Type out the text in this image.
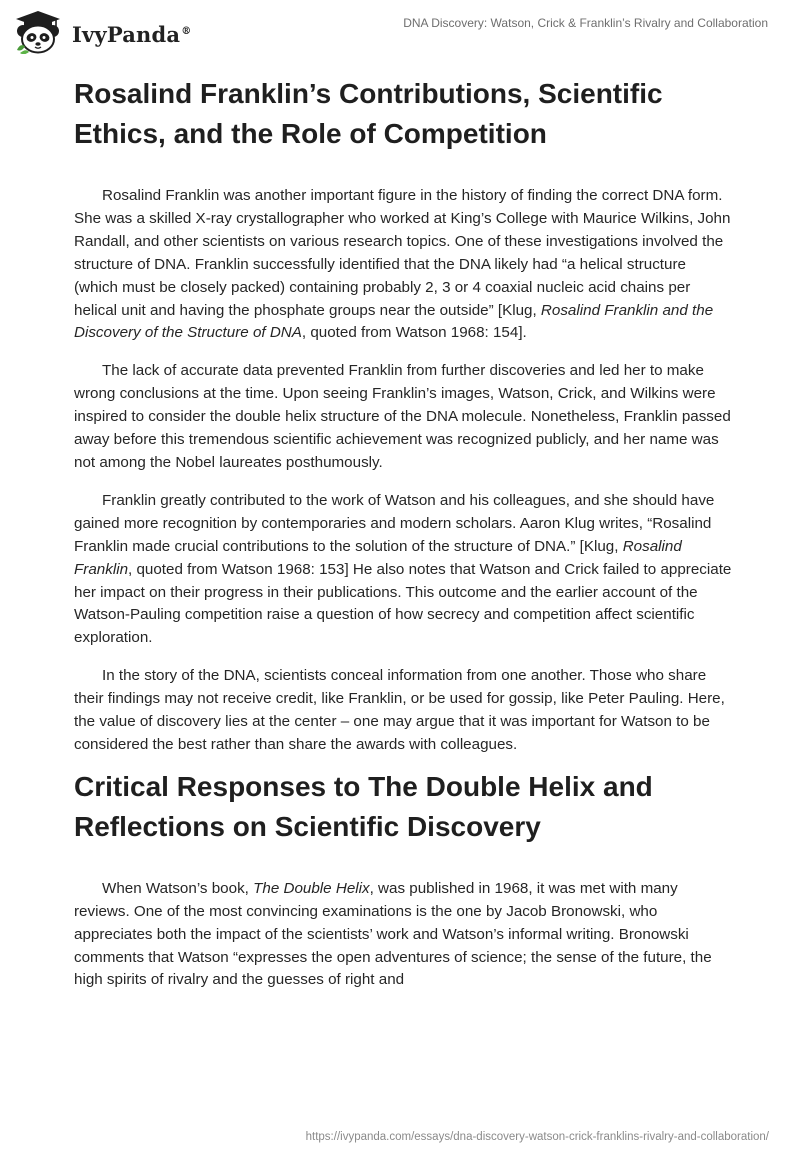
IvyPanda®
DNA Discovery: Watson, Crick & Franklin’s Rivalry and Collaboration
Rosalind Franklin’s Contributions, Scientific Ethics, and the Role of Competition

Rosalind Franklin was another important figure in the history of finding the correct DNA form. She was a skilled X-ray crystallographer who worked at King’s College with Maurice Wilkins, John Randall, and other scientists on various research topics. One of these investigations involved the structure of DNA. Franklin successfully identified that the DNA likely had “a helical structure (which must be closely packed) containing probably 2, 3 or 4 coaxial nucleic acid chains per helical unit and having the phosphate groups near the outside” [Klug, Rosalind Franklin and the Discovery of the Structure of DNA, quoted from Watson 1968: 154].

The lack of accurate data prevented Franklin from further discoveries and led her to make wrong conclusions at the time. Upon seeing Franklin’s images, Watson, Crick, and Wilkins were inspired to consider the double helix structure of the DNA molecule. Nonetheless, Franklin passed away before this tremendous scientific achievement was recognized publicly, and her name was not among the Nobel laureates posthumously.

Franklin greatly contributed to the work of Watson and his colleagues, and she should have gained more recognition by contemporaries and modern scholars. Aaron Klug writes, “Rosalind Franklin made crucial contributions to the solution of the structure of DNA.” [Klug, Rosalind Franklin, quoted from Watson 1968: 153] He also notes that Watson and Crick failed to appreciate her impact on their progress in their publications. This outcome and the earlier account of the Watson-Pauling competition raise a question of how secrecy and competition affect scientific exploration.

In the story of the DNA, scientists conceal information from one another. Those who share their findings may not receive credit, like Franklin, or be used for gossip, like Peter Pauling. Here, the value of discovery lies at the center – one may argue that it was important for Watson to be considered the best rather than share the awards with colleagues.

Critical Responses to The Double Helix and Reflections on Scientific Discovery

When Watson’s book, The Double Helix, was published in 1968, it was met with many reviews. One of the most convincing examinations is the one by Jacob Bronowski, who appreciates both the impact of the scientists’ work and Watson’s informal writing. Bronowski comments that Watson “expresses the open adventures of science; the sense of the future, the high spirits of rivalry and the guesses of right and

https://ivypanda.com/essays/dna-discovery-watson-crick-franklins-rivalry-and-collaboration/
